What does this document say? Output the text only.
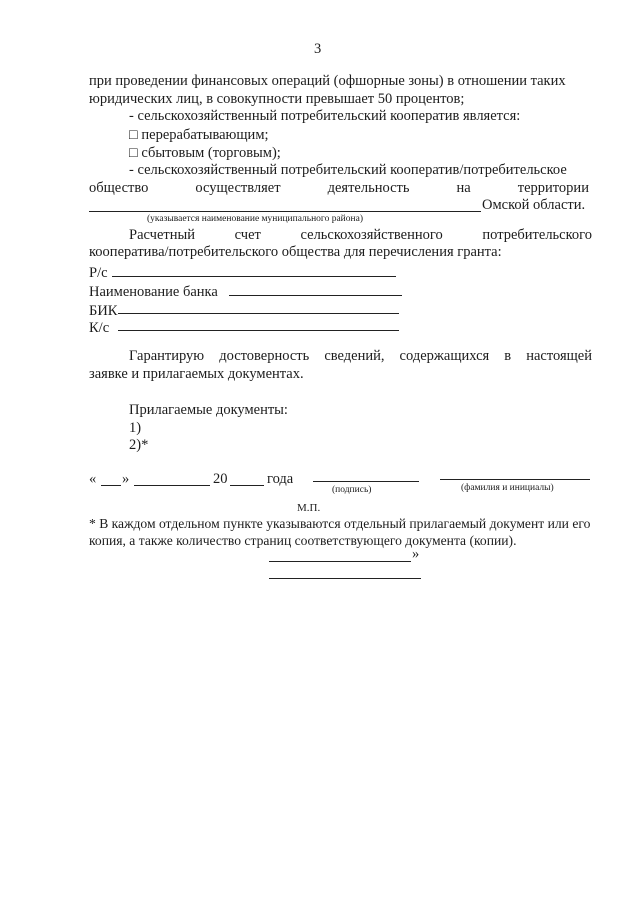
3
при проведении финансовых операций (офшорные зоны) в отношении таких
юридических лиц, в совокупности превышает 50 процентов;
- сельскохозяйственный потребительский кооператив является:
□ перерабатывающим;
□ сбытовым (торговым);
- сельскохозяйственный потребительский кооператив/потребительское
общество	осуществляет	деятельность	на	территории
Омской области.
(указывается наименование муниципального района)
Расчетный	счет	сельскохозяйственного	потребительского
кооператива/потребительского общества для перечисления гранта:
Р/с
Наименование банка
БИК
К/с
Гарантирую достоверность сведений, содержащихся в настоящей
заявке и прилагаемых документах.
Прилагаемые документы:
1)
2)*
« »	20	года
(подпись)	(фамилия и инициалы)
М.П.
* В каждом отдельном пункте указываются отдельный прилагаемый документ или его
копия, а также количество страниц соответствующего документа (копии).
»
